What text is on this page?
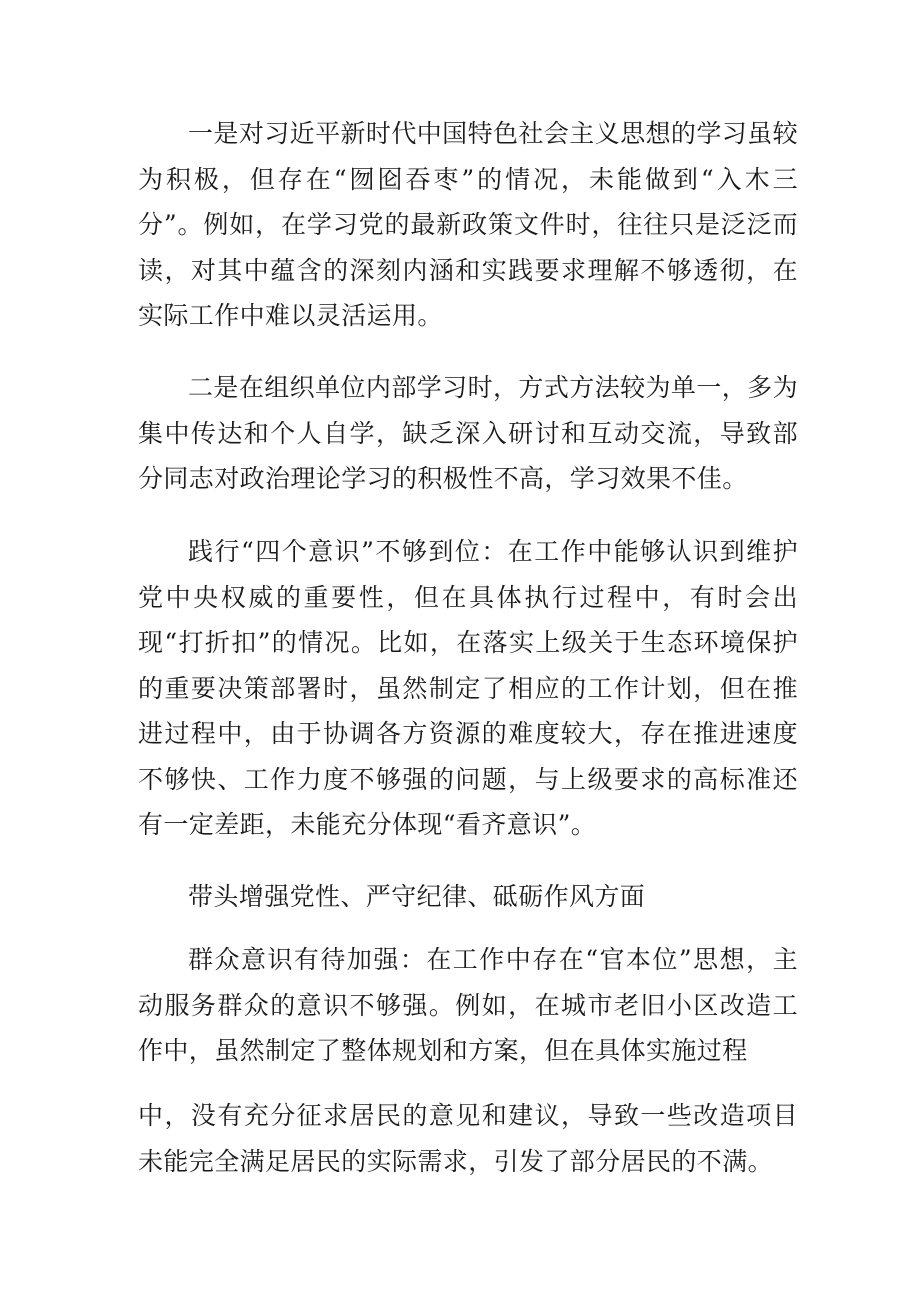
一是对习近平新时代中国特色社会主义思想的学习虽较为积极，但存在“囫囵吞枣”的情况，未能做到“入木三分”。例如，在学习党的最新政策文件时，往往只是泛泛而读，对其中蕴含的深刻内涵和实践要求理解不够透彻，在实际工作中难以灵活运用。

二是在组织单位内部学习时，方式方法较为单一，多为集中传达和个人自学，缺乏深入研讨和互动交流，导致部分同志对政治理论学习的积极性不高，学习效果不佳。

践行“四个意识”不够到位：在工作中能够认识到维护党中央权威的重要性，但在具体执行过程中，有时会出现“打折扣”的情况。比如，在落实上级关于生态环境保护的重要决策部署时，虽然制定了相应的工作计划，但在推进过程中，由于协调各方资源的难度较大，存在推进速度不够快、工作力度不够强的问题，与上级要求的高标准还有一定差距，未能充分体现“看齐意识”。

带头增强党性、严守纪律、砥砺作风方面

群众意识有待加强：在工作中存在“官本位”思想，主动服务群众的意识不够强。例如，在城市老旧小区改造工作中，虽然制定了整体规划和方案，但在具体实施过程

中，没有充分征求居民的意见和建议，导致一些改造项目未能完全满足居民的实际需求，引发了部分居民的不满。
